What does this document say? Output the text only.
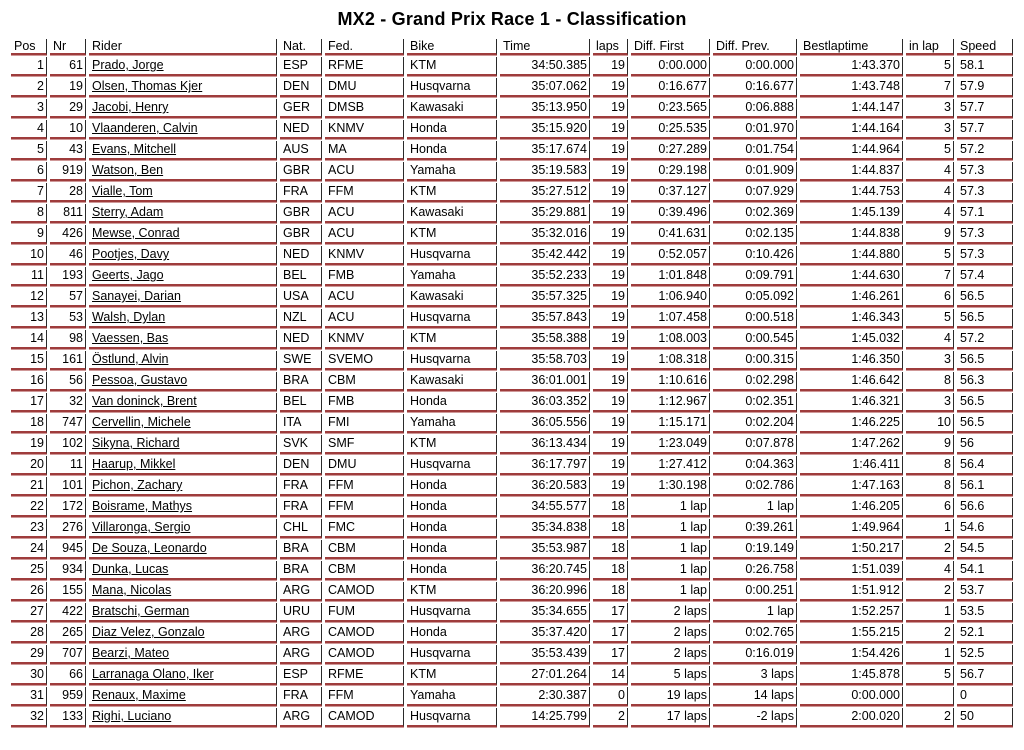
MX2 - Grand Prix Race 1 - Classification
Pos	Nr	Rider	Nat.	Fed.	Bike	Time	laps	Diff. First	Diff. Prev.	Bestlaptime	in lap	Speed
1	61	Prado, Jorge	ESP	RFME	KTM	34:50.385	19	0:00.000	0:00.000	1:43.370	5	58.1
2	19	Olsen, Thomas Kjer	DEN	DMU	Husqvarna	35:07.062	19	0:16.677	0:16.677	1:43.748	7	57.9
3	29	Jacobi, Henry	GER	DMSB	Kawasaki	35:13.950	19	0:23.565	0:06.888	1:44.147	3	57.7
4	10	Vlaanderen, Calvin	NED	KNMV	Honda	35:15.920	19	0:25.535	0:01.970	1:44.164	3	57.7
5	43	Evans, Mitchell	AUS	MA	Honda	35:17.674	19	0:27.289	0:01.754	1:44.964	5	57.2
6	919	Watson, Ben	GBR	ACU	Yamaha	35:19.583	19	0:29.198	0:01.909	1:44.837	4	57.3
7	28	Vialle, Tom	FRA	FFM	KTM	35:27.512	19	0:37.127	0:07.929	1:44.753	4	57.3
8	811	Sterry, Adam	GBR	ACU	Kawasaki	35:29.881	19	0:39.496	0:02.369	1:45.139	4	57.1
9	426	Mewse, Conrad	GBR	ACU	KTM	35:32.016	19	0:41.631	0:02.135	1:44.838	9	57.3
10	46	Pootjes, Davy	NED	KNMV	Husqvarna	35:42.442	19	0:52.057	0:10.426	1:44.880	5	57.3
11	193	Geerts, Jago	BEL	FMB	Yamaha	35:52.233	19	1:01.848	0:09.791	1:44.630	7	57.4
12	57	Sanayei, Darian	USA	ACU	Kawasaki	35:57.325	19	1:06.940	0:05.092	1:46.261	6	56.5
13	53	Walsh, Dylan	NZL	ACU	Husqvarna	35:57.843	19	1:07.458	0:00.518	1:46.343	5	56.5
14	98	Vaessen, Bas	NED	KNMV	KTM	35:58.388	19	1:08.003	0:00.545	1:45.032	4	57.2
15	161	Östlund, Alvin	SWE	SVEMO	Husqvarna	35:58.703	19	1:08.318	0:00.315	1:46.350	3	56.5
16	56	Pessoa, Gustavo	BRA	CBM	Kawasaki	36:01.001	19	1:10.616	0:02.298	1:46.642	8	56.3
17	32	Van doninck, Brent	BEL	FMB	Honda	36:03.352	19	1:12.967	0:02.351	1:46.321	3	56.5
18	747	Cervellin, Michele	ITA	FMI	Yamaha	36:05.556	19	1:15.171	0:02.204	1:46.225	10	56.5
19	102	Sikyna, Richard	SVK	SMF	KTM	36:13.434	19	1:23.049	0:07.878	1:47.262	9	56
20	11	Haarup, Mikkel	DEN	DMU	Husqvarna	36:17.797	19	1:27.412	0:04.363	1:46.411	8	56.4
21	101	Pichon, Zachary	FRA	FFM	Honda	36:20.583	19	1:30.198	0:02.786	1:47.163	8	56.1
22	172	Boisrame, Mathys	FRA	FFM	Honda	34:55.577	18	1 lap	1 lap	1:46.205	6	56.6
23	276	Villaronga, Sergio	CHL	FMC	Honda	35:34.838	18	1 lap	0:39.261	1:49.964	1	54.6
24	945	De Souza, Leonardo	BRA	CBM	Honda	35:53.987	18	1 lap	0:19.149	1:50.217	2	54.5
25	934	Dunka, Lucas	BRA	CBM	Honda	36:20.745	18	1 lap	0:26.758	1:51.039	4	54.1
26	155	Mana, Nicolas	ARG	CAMOD	KTM	36:20.996	18	1 lap	0:00.251	1:51.912	2	53.7
27	422	Bratschi, German	URU	FUM	Husqvarna	35:34.655	17	2 laps	1 lap	1:52.257	1	53.5
28	265	Diaz Velez, Gonzalo	ARG	CAMOD	Honda	35:37.420	17	2 laps	0:02.765	1:55.215	2	52.1
29	707	Bearzi, Mateo	ARG	CAMOD	Husqvarna	35:53.439	17	2 laps	0:16.019	1:54.426	1	52.5
30	66	Larranaga Olano, Iker	ESP	RFME	KTM	27:01.264	14	5 laps	3 laps	1:45.878	5	56.7
31	959	Renaux, Maxime	FRA	FFM	Yamaha	2:30.387	0	19 laps	14 laps	0:00.000		0
32	133	Righi, Luciano	ARG	CAMOD	Husqvarna	14:25.799	2	17 laps	-2 laps	2:00.020	2	50
